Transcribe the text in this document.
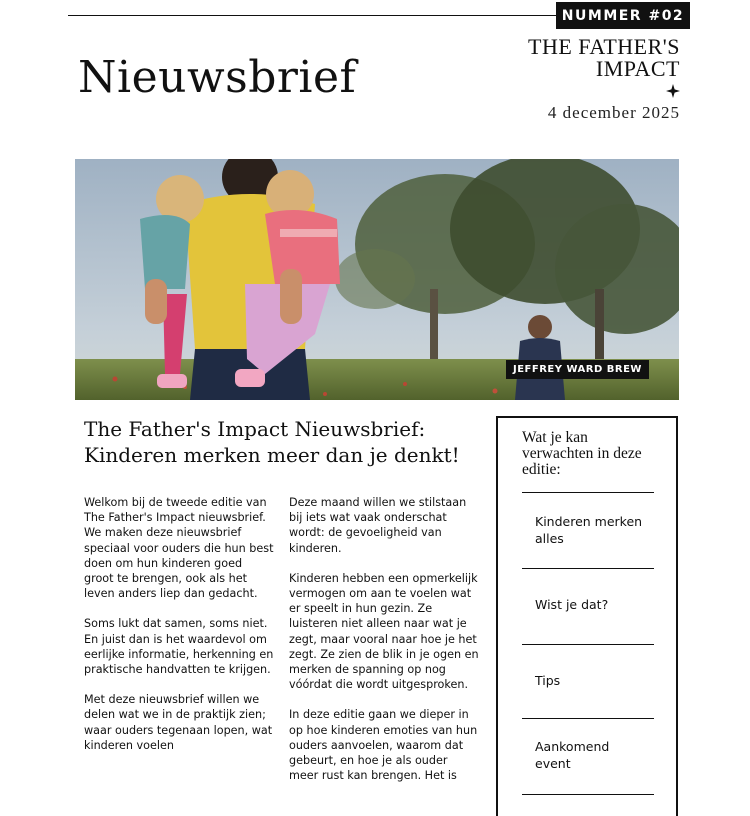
NUMMER #02
Nieuwsbrief
THE FATHER'S
IMPACT
4 december 2025
JEFFREY WARD BREW
The Father's Impact Nieuwsbrief: Kinderen merken meer dan je denkt!

Welkom bij de tweede editie van The Father's Impact nieuwsbrief. We maken deze nieuwsbrief speciaal voor ouders die hun best doen om hun kinderen goed groot te brengen, ook als het leven anders liep dan gedacht.

Soms lukt dat samen, soms niet. En juist dan is het waardevol om eerlijke informatie, herkenning en praktische handvatten te krijgen.

Met deze nieuwsbrief willen we delen wat we in de praktijk zien; waar ouders tegenaan lopen, wat kinderen voelen

Deze maand willen we stilstaan bij iets wat vaak onderschat wordt: de gevoeligheid van kinderen.

Kinderen hebben een opmerkelijk vermogen om aan te voelen wat er speelt in hun gezin. Ze luisteren niet alleen naar wat je zegt, maar vooral naar hoe je het zegt. Ze zien de blik in je ogen en merken de spanning op nog vóórdat die wordt uitgesproken.

In deze editie gaan we dieper in op hoe kinderen emoties van hun ouders aanvoelen, waarom dat gebeurt, en hoe je als ouder meer rust kan brengen. Het is

Wat je kan verwachten in deze editie:
Kinderen merken alles
Wist je dat?
Tips
Aankomend event
